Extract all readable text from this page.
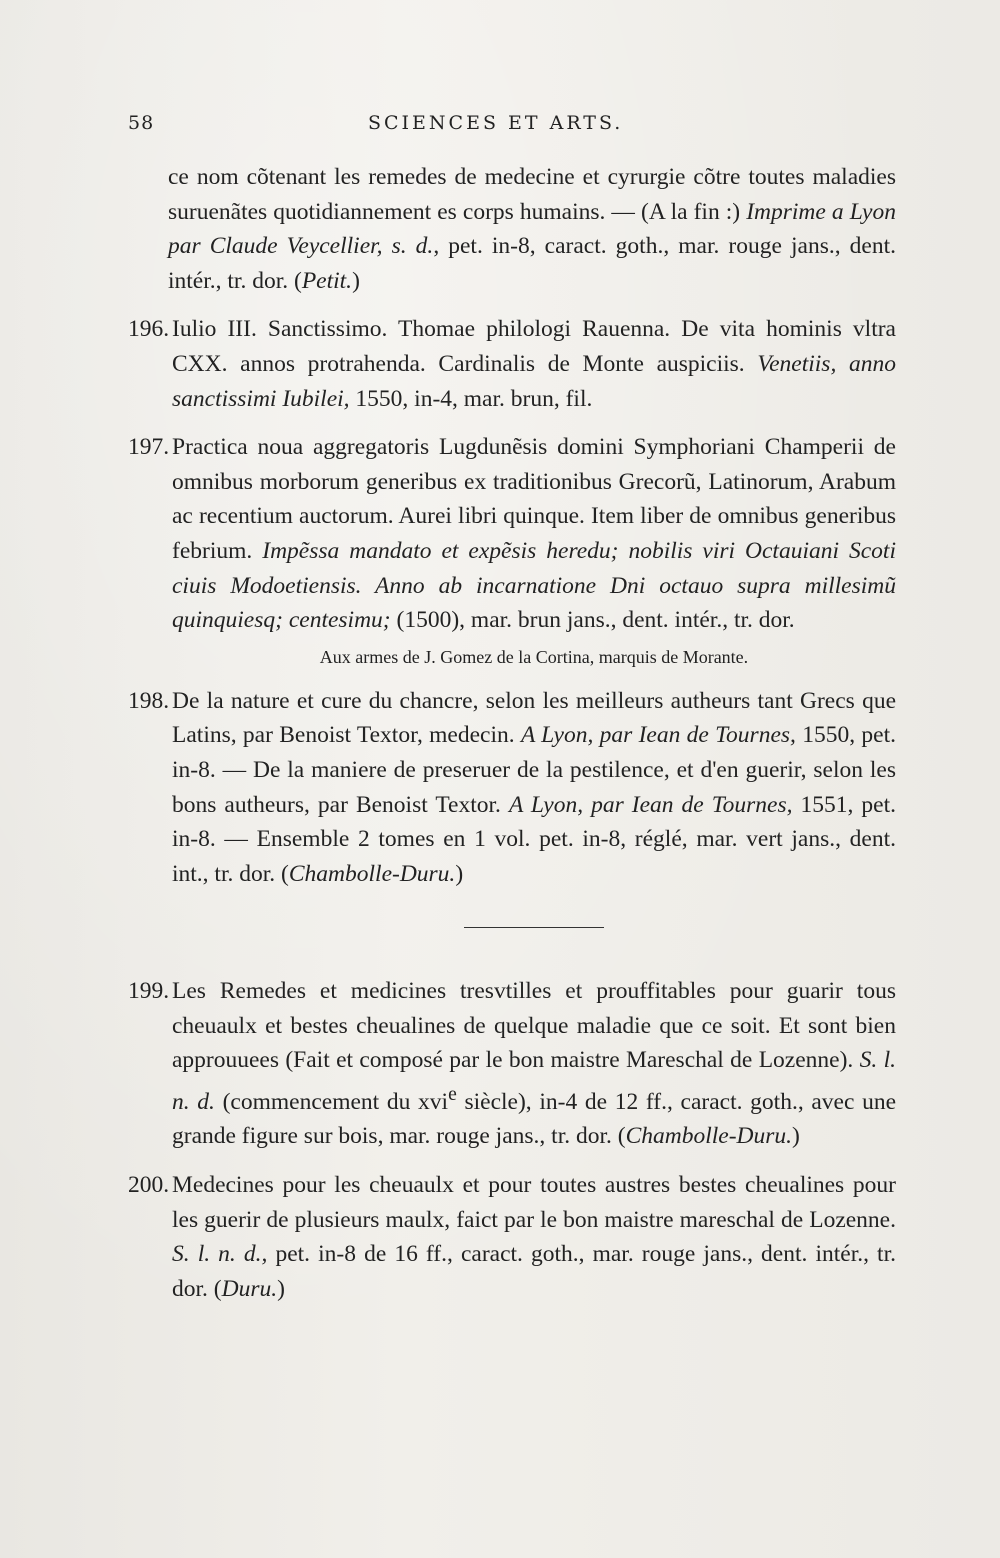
58	SCIENCES ET ARTS.

ce nom cõtenant les remedes de medecine et cyrurgie cõtre toutes maladies suruenãtes quotidiannement es corps humains. — (A la fin :) Imprime a Lyon par Claude Veycellier, s. d., pet. in-8, caract. goth., mar. rouge jans., dent. intér., tr. dor. (Petit.)

196. Iulio III. Sanctissimo. Thomae philologi Rauenna. De vita hominis vltra CXX. annos protrahenda. Cardinalis de Monte auspiciis. Venetiis, anno sanctissimi Iubilei, 1550, in-4, mar. brun, fil.
197. Practica noua aggregatoris Lugdunẽsis domini Symphoriani Champerii de omnibus morborum generibus ex traditionibus Grecorũ, Latinorum, Arabum ac recentium auctorum. Aurei libri quinque. Item liber de omnibus generibus febrium. Impẽssa mandato et expẽsis heredu; nobilis viri Octauiani Scoti ciuis Modoetiensis. Anno ab incarnatione Dni octauo supra millesimũ quinquiesq; centesimu; (1500), mar. brun jans., dent. intér., tr. dor.
Aux armes de J. Gomez de la Cortina, marquis de Morante.
198. De la nature et cure du chancre, selon les meilleurs autheurs tant Grecs que Latins, par Benoist Textor, medecin. A Lyon, par Iean de Tournes, 1550, pet. in-8. — De la maniere de preseruer de la pestilence, et d'en guerir, selon les bons autheurs, par Benoist Textor. A Lyon, par Iean de Tournes, 1551, pet. in-8. — Ensemble 2 tomes en 1 vol. pet. in-8, réglé, mar. vert jans., dent. int., tr. dor. (Chambolle-Duru.)
199. Les Remedes et medicines tresvtilles et prouffitables pour guarir tous cheuaulx et bestes cheualines de quelque maladie que ce soit. Et sont bien approuuees (Fait et composé par le bon maistre Mareschal de Lozenne). S. l. n. d. (commencement du xvi$^e$ siècle), in-4 de 12 ff., caract. goth., avec une grande figure sur bois, mar. rouge jans., tr. dor. (Chambolle-Duru.)
200. Medecines pour les cheuaulx et pour toutes austres bestes cheualines pour les guerir de plusieurs maulx, faict par le bon maistre mareschal de Lozenne. S. l. n. d., pet. in-8 de 16 ff., caract. goth., mar. rouge jans., dent. intér., tr. dor. (Duru.)
